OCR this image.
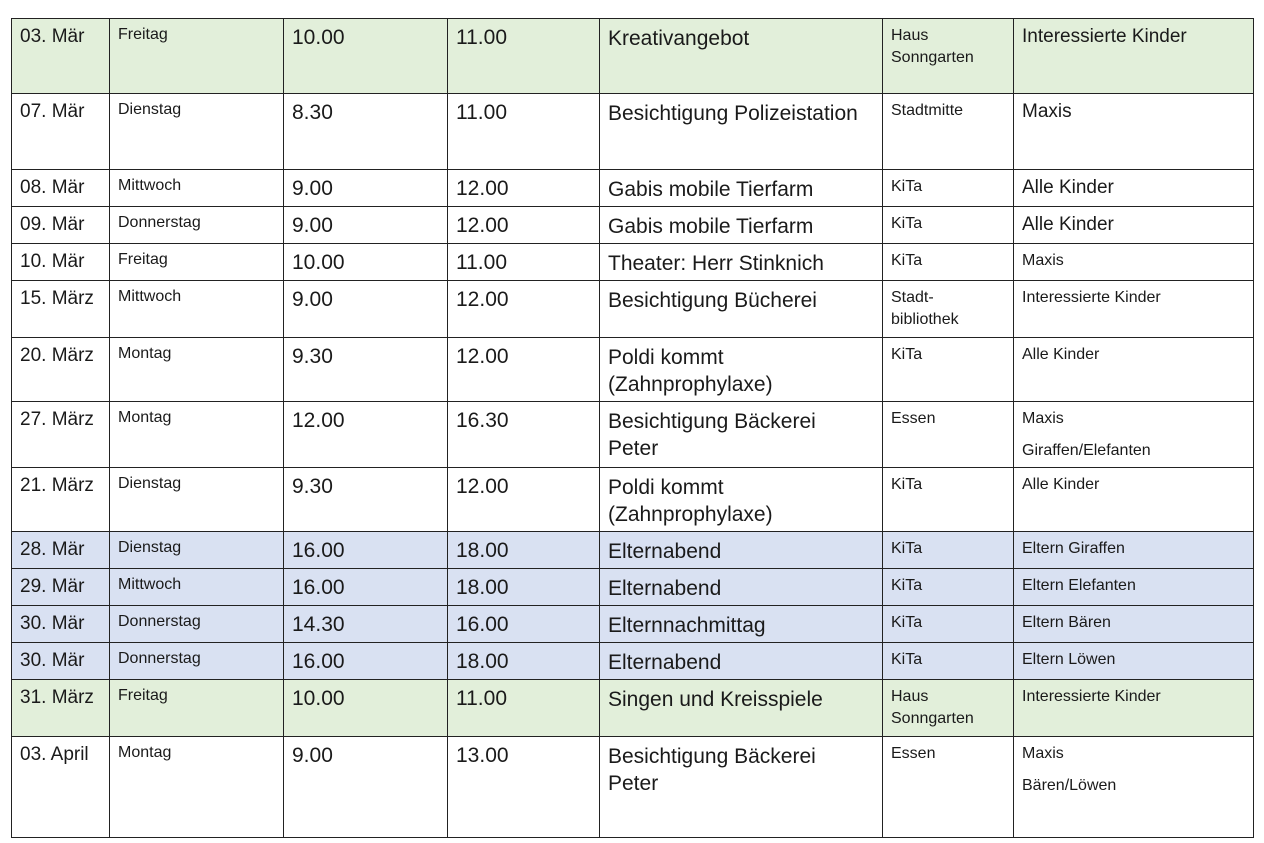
03. Mär	Freitag	10.00	11.00	Kreativangebot	Haus
Sonngarten	Interessierte Kinder

07. Mär	Dienstag	8.30	11.00	Besichtigung Polizeistation	Stadtmitte	Maxis

08. Mär	Mittwoch	9.00	12.00	Gabis mobile Tierfarm	KiTa	Alle Kinder

09. Mär	Donnerstag	9.00	12.00	Gabis mobile Tierfarm	KiTa	Alle Kinder

10. Mär	Freitag	10.00	11.00	Theater: Herr Stinknich	KiTa	Maxis

15. März	Mittwoch	9.00	12.00	Besichtigung Bücherei	Stadt-
bibliothek	Interessierte Kinder

20. März	Montag	9.30	12.00	Poldi kommt
(Zahnprophylaxe)	KiTa	Alle Kinder

27. März	Montag	12.00	16.30	Besichtigung Bäckerei
Peter	Essen	Maxis
Giraffen/Elefanten

21. März	Dienstag	9.30	12.00	Poldi kommt
(Zahnprophylaxe)	KiTa	Alle Kinder

28. Mär	Dienstag	16.00	18.00	Elternabend	KiTa	Eltern Giraffen

29. Mär	Mittwoch	16.00	18.00	Elternabend	KiTa	Eltern Elefanten

30. Mär	Donnerstag	14.30	16.00	Elternnachmittag	KiTa	Eltern Bären

30. Mär	Donnerstag	16.00	18.00	Elternabend	KiTa	Eltern Löwen

31. März	Freitag	10.00	11.00	Singen und Kreisspiele	Haus
Sonngarten	Interessierte Kinder

03. April	Montag	9.00	13.00	Besichtigung Bäckerei
Peter	Essen	Maxis
Bären/Löwen
